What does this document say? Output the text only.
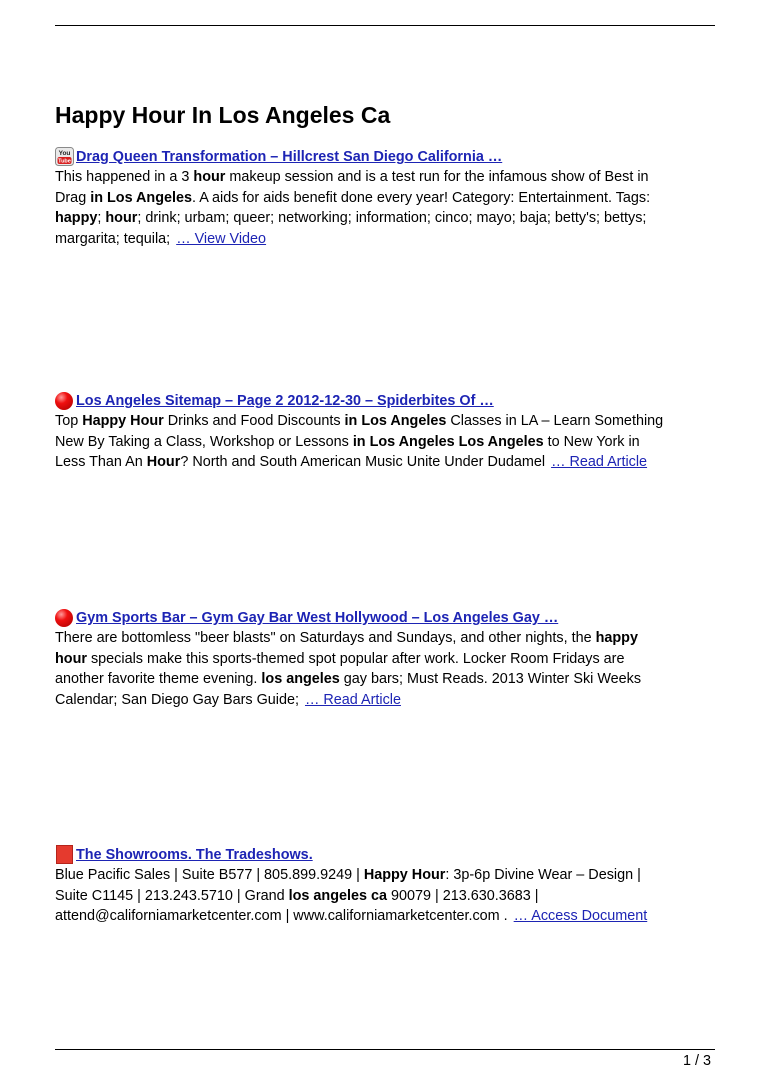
Happy Hour In Los Angeles Ca
You
Tube Drag Queen Transformation – Hillcrest San Diego California …
This happened in a 3 hour makeup session and is a test run for the infamous show of Best in
Drag in Los Angeles. A aids for aids benefit done every year! Category: Entertainment. Tags:
happy; hour; drink; urbam; queer; networking; information; cinco; mayo; baja; betty's; bettys;
margarita; tequila; … View Video
Los Angeles Sitemap – Page 2 2012-12-30 – Spiderbites Of …
Top Happy Hour Drinks and Food Discounts in Los Angeles Classes in LA – Learn Something
New By Taking a Class, Workshop or Lessons in Los Angeles Los Angeles to New York in
Less Than An Hour? North and South American Music Unite Under Dudamel … Read Article
Gym Sports Bar – Gym Gay Bar West Hollywood – Los Angeles Gay …
There are bottomless "beer blasts" on Saturdays and Sundays, and other nights, the happy
hour specials make this sports-themed spot popular after work. Locker Room Fridays are
another favorite theme evening. los angeles gay bars; Must Reads. 2013 Winter Ski Weeks
Calendar; San Diego Gay Bars Guide; … Read Article
The Showrooms. The Tradeshows.
Blue Pacific Sales | Suite B577 | 805.899.9249 | Happy Hour: 3p-6p Divine Wear – Design |
Suite C1145 | 213.243.5710 | Grand los angeles ca 90079 | 213.630.3683 |
attend@californiamarketcenter.com | www.californiamarketcenter.com . … Access Document
1 / 3
